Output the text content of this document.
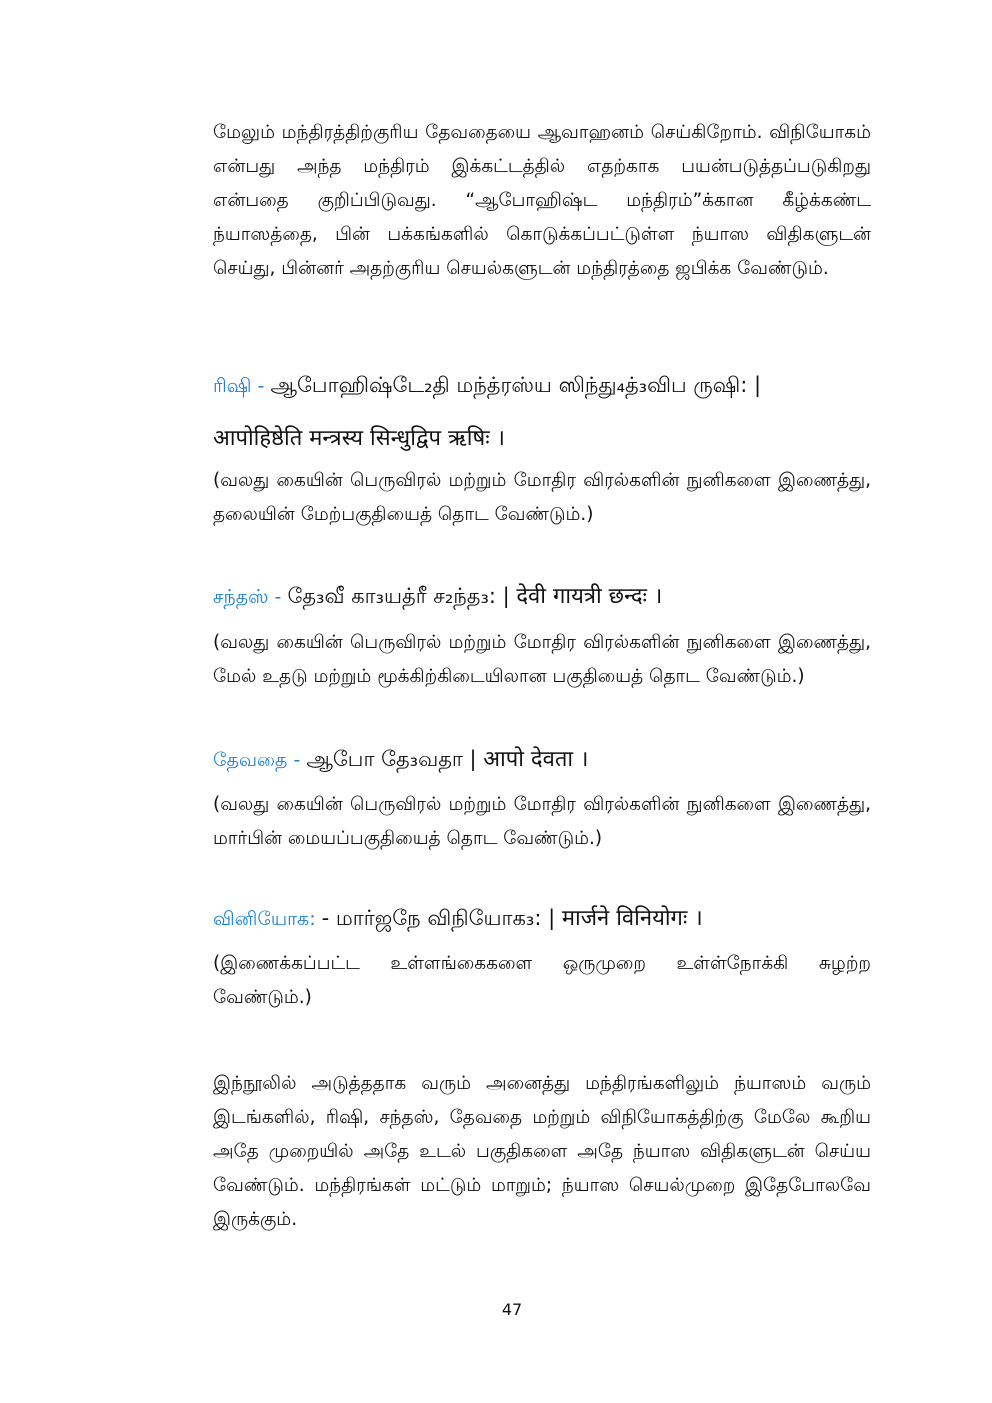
மேலும் மந்திரத்திற்குரிய தேவதையை ஆவாஹனம் செய்கிறோம். விநியோகம் என்பது அந்த மந்திரம் இக்கட்டத்தில் எதற்காக பயன்படுத்தப்படுகிறது என்பதை குறிப்பிடுவது. “ஆபோஹிஷ்ட மந்திரம்”க்கான கீழ்க்கண்ட ந்யாஸத்தை, பின் பக்கங்களில் கொடுக்கப்பட்டுள்ள ந்யாஸ விதிகளுடன் செய்து, பின்னர் அதற்குரிய செயல்களுடன் மந்திரத்தை ஜபிக்க வேண்டும்.

ரிஷி - ஆபோஹிஷ்டே₂தி மந்த்ரஸ்ய ஸிந்து₄த்₃விப ருஷி: |

आपोहिष्ठेति मन्त्रस्य सिन्धुद्विप ऋषिः ।

(வலது கையின் பெருவிரல் மற்றும் மோதிர விரல்களின் நுனிகளை இணைத்து, தலையின் மேற்பகுதியைத் தொட வேண்டும்.)

சந்தஸ் - தே₃வீ கா₃யத்ரீ ச₂ந்த₃: | देवी गायत्री छन्दः ।

(வலது கையின் பெருவிரல் மற்றும் மோதிர விரல்களின் நுனிகளை இணைத்து, மேல் உதடு மற்றும் மூக்கிற்கிடையிலான பகுதியைத் தொட வேண்டும்.)

தேவதை - ஆபோ தே₃வதா | आपो देवता ।

(வலது கையின் பெருவிரல் மற்றும் மோதிர விரல்களின் நுனிகளை இணைத்து, மார்பின் மையப்பகுதியைத் தொட வேண்டும்.)

வினியோக: - மார்ஜநே விநியோக₃: | मार्जने विनियोगः ।

(இணைக்கப்பட்ட உள்ளங்கைகளை ஒருமுறை உள்ள்நோக்கி சுழற்ற வேண்டும்.)

இந்நூலில் அடுத்ததாக வரும் அனைத்து மந்திரங்களிலும் ந்யாஸம் வரும் இடங்களில், ரிஷி, சந்தஸ், தேவதை மற்றும் விநியோகத்திற்கு மேலே கூறிய அதே முறையில் அதே உடல் பகுதிகளை அதே ந்யாஸ விதிகளுடன் செய்ய வேண்டும். மந்திரங்கள் மட்டும் மாறும்; ந்யாஸ செயல்முறை இதேபோலவே இருக்கும்.

47
